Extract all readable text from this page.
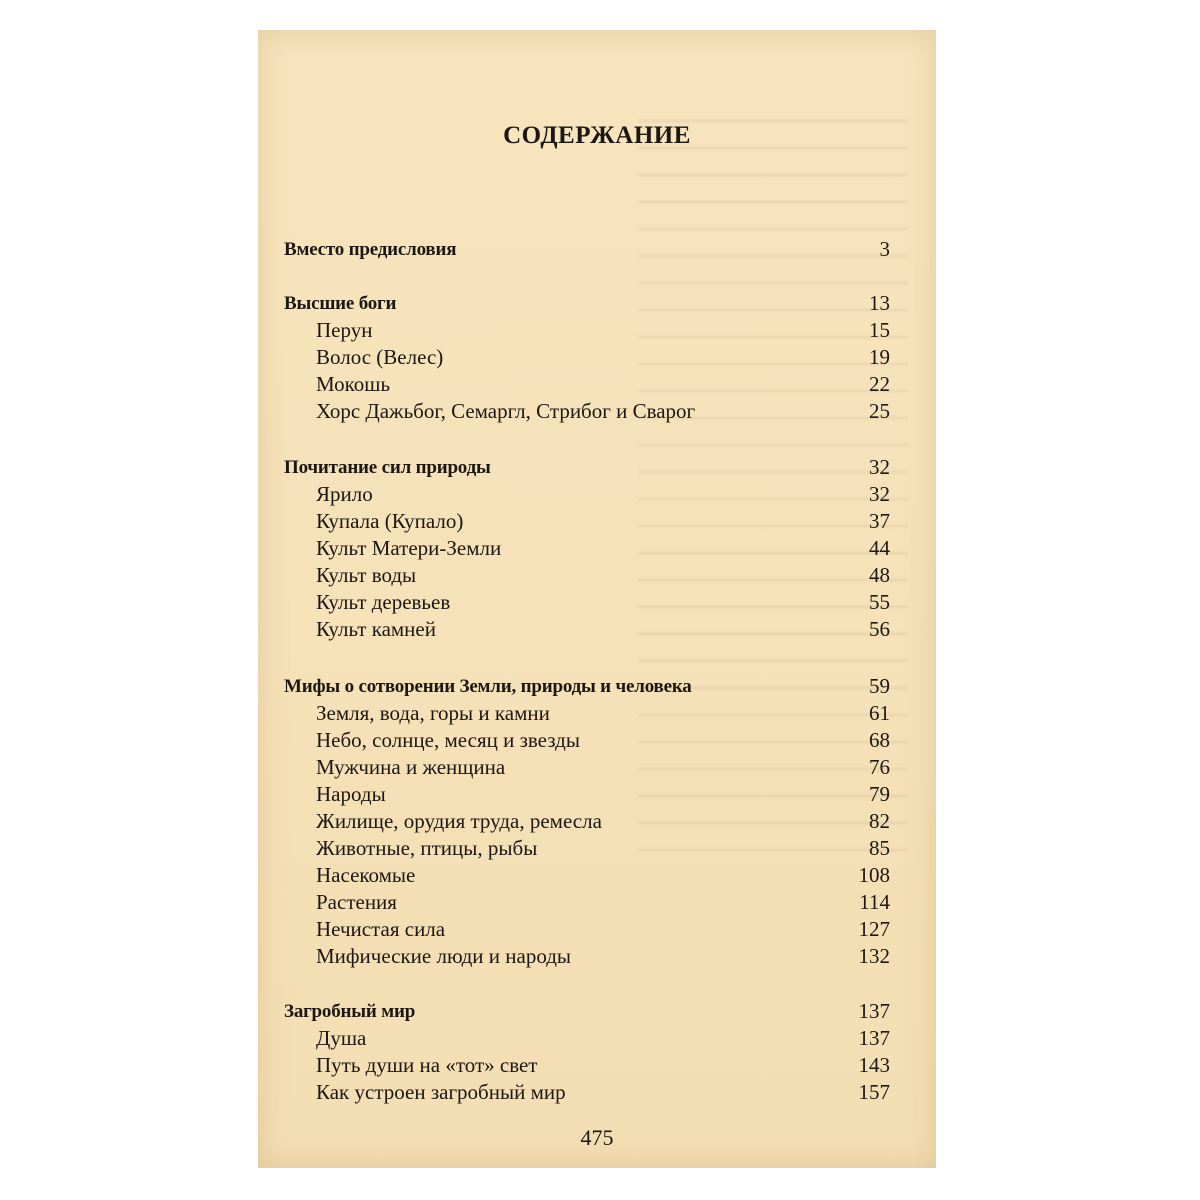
СОДЕРЖАНИЕ
Вместо предисловия	3
Высшие боги	13
Перун	15
Волос (Велес)	19
Мокошь	22
Хорс Дажьбог, Семаргл, Стрибог и Сварог	25
Почитание сил природы	32
Ярило	32
Купала (Купало)	37
Культ Матери-Земли	44
Культ воды	48
Культ деревьев	55
Культ камней	56
Мифы о сотворении Земли, природы и человека	59
Земля, вода, горы и камни	61
Небо, солнце, месяц и звезды	68
Мужчина и женщина	76
Народы	79
Жилище, орудия труда, ремесла	82
Животные, птицы, рыбы	85
Насекомые	108
Растения	114
Нечистая сила	127
Мифические люди и народы	132
Загробный мир	137
Душа	137
Путь души на «тот» свет	143
Как устроен загробный мир	157
475
